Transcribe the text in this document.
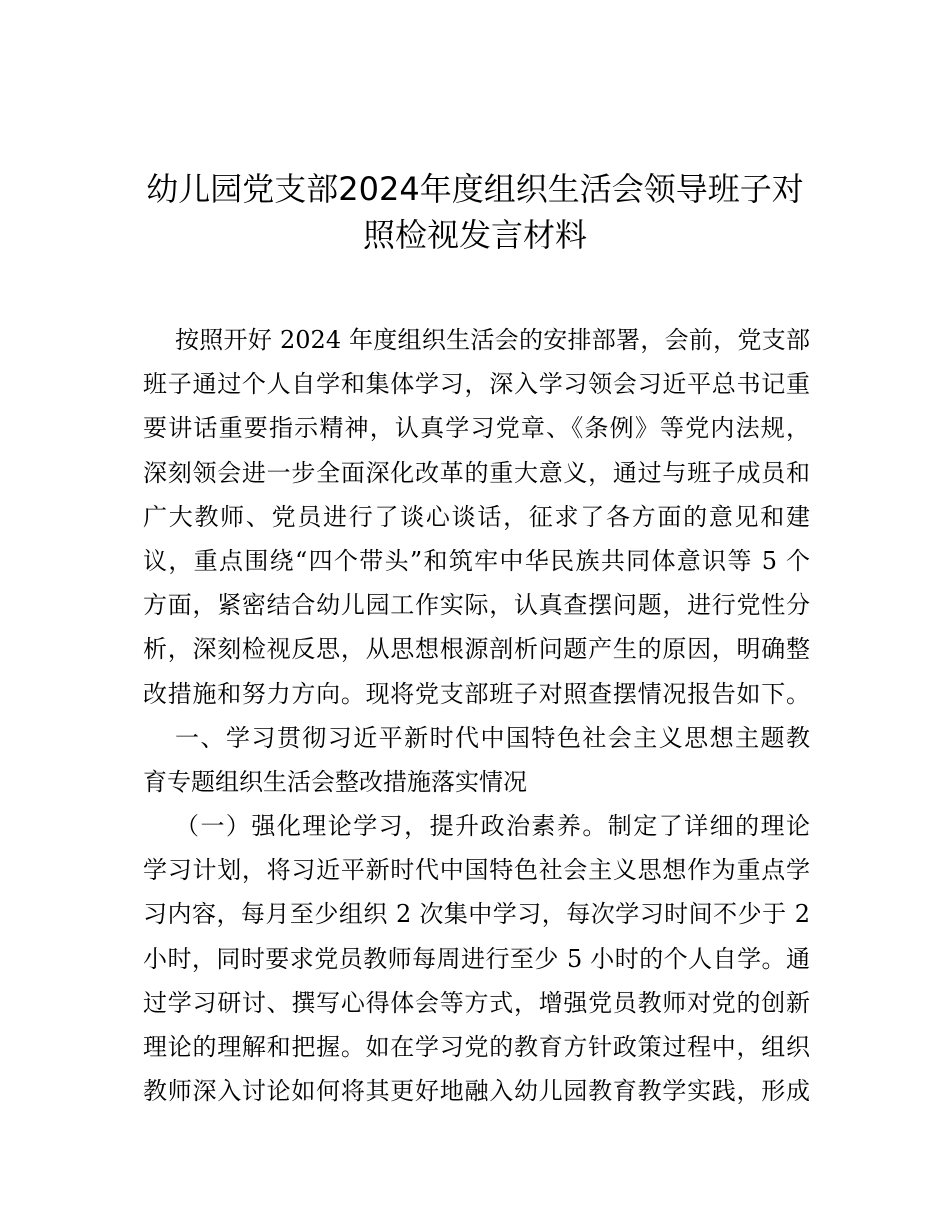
幼儿园党支部2024年度组织生活会领导班子对
照检视发言材料
按照开好 2024 年度组织生活会的安排部署，会前，党支部
班子通过个人自学和集体学习，深入学习领会习近平总书记重
要讲话重要指示精神，认真学习党章、《条例》等党内法规，
深刻领会进一步全面深化改革的重大意义，通过与班子成员和
广大教师、党员进行了谈心谈话，征求了各方面的意见和建
议，重点围绕“四个带头”和筑牢中华民族共同体意识等 5 个
方面，紧密结合幼儿园工作实际，认真查摆问题，进行党性分
析，深刻检视反思，从思想根源剖析问题产生的原因，明确整
改措施和努力方向。现将党支部班子对照查摆情况报告如下。
一、学习贯彻习近平新时代中国特色社会主义思想主题教
育专题组织生活会整改措施落实情况
（一）强化理论学习，提升政治素养。制定了详细的理论
学习计划，将习近平新时代中国特色社会主义思想作为重点学
习内容，每月至少组织 2 次集中学习，每次学习时间不少于 2
小时，同时要求党员教师每周进行至少 5 小时的个人自学。通
过学习研讨、撰写心得体会等方式，增强党员教师对党的创新
理论的理解和把握。如在学习党的教育方针政策过程中，组织
教师深入讨论如何将其更好地融入幼儿园教育教学实践，形成
